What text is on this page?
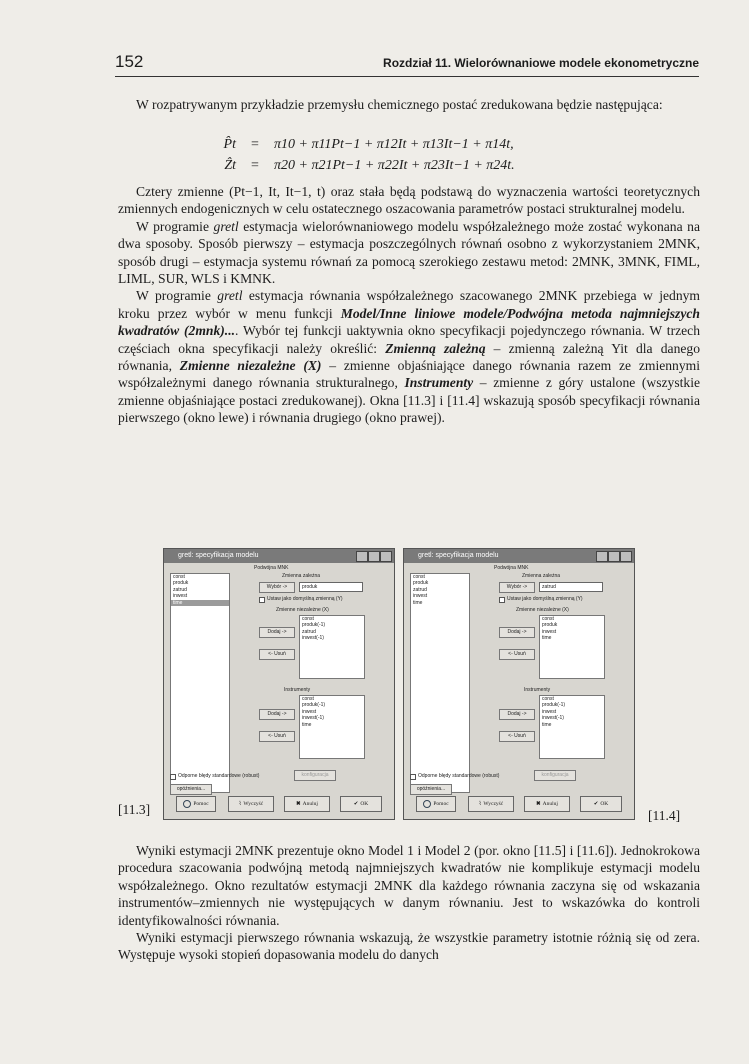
152	Rozdział 11. Wielorównaniowe modele ekonometryczne

W rozpatrywanym przykładzie przemysłu chemicznego postać zredukowana będzie następująca:

P̂t	=	π10 + π11Pt−1 + π12It + π13It−1 + π14t,
Ẑt	=	π20 + π21Pt−1 + π22It + π23It−1 + π24t.

Cztery zmienne (Pt−1, It, It−1, t) oraz stała będą podstawą do wyznaczenia wartości teoretycznych zmiennych endogenicznych w celu ostatecznego oszacowania parametrów postaci strukturalnej modelu.

W programie gretl estymacja wielorównaniowego modelu współzależnego może zostać wykonana na dwa sposoby. Sposób pierwszy – estymacja poszczególnych równań osobno z wykorzystaniem 2MNK, sposób drugi – estymacja systemu równań za pomocą szerokiego zestawu metod: 2MNK, 3MNK, FIML, LIML, SUR, WLS i KMNK.

W programie gretl estymacja równania współzależnego szacowanego 2MNK przebiega w jednym kroku przez wybór w menu funkcji Model/Inne liniowe modele/Podwójna metoda najmniejszych kwadratów (2mnk).... Wybór tej funkcji uaktywnia okno specyfikacji pojedynczego równania. W trzech częściach okna specyfikacji należy określić: Zmienną zależną – zmienną zależną Yit dla danego równania, Zmienne niezależne (X) – zmienne objaśniające danego równania razem ze zmiennymi współzależnymi danego równania strukturalnego, Instrumenty – zmienne z góry ustalone (wszystkie zmienne objaśniające postaci zredukowanej). Okna [11.3] i [11.4] wskazują sposób specyfikacji równania pierwszego (okno lewe) i równania drugiego (okno prawej).

gretl: specyfikacja modelu
Podwójna MNK
const
produk
zatrud
inwest
time
Zmienna zależna
Wybór ->	produk
Ustaw jako domyślną zmienną (Y)
Zmienne niezależne (X)
Dodaj ->
<- Usuń
const
produk(-1)
zatrud
inwest(-1)
Instrumenty
Dodaj ->
<- Usuń
const
produk(-1)
inwest
inwest(-1)
time
Odporne błędy standardowe (robust)	konfiguracja
opóźnienia...
Pomoc	⌇ Wyczyść	✖ Anuluj	✔ OK
gretl: specyfikacja modelu
Podwójna MNK
const
produk
zatrud
inwest
time
Zmienna zależna
Wybór ->	zatrud
Ustaw jako domyślną zmienną (Y)
Zmienne niezależne (X)
Dodaj ->
<- Usuń
const
produk
inwest
time
Instrumenty
Dodaj ->
<- Usuń
const
produk(-1)
inwest
inwest(-1)
time
Odporne błędy standardowe (robust)	konfiguracja
opóźnienia...
Pomoc	⌇ Wyczyść	✖ Anuluj	✔ OK
[11.3]	[11.4]

Wyniki estymacji 2MNK prezentuje okno Model 1 i Model 2 (por. okno [11.5] i [11.6]). Jednokrokowa procedura szacowania podwójną metodą najmniejszych kwadratów nie komplikuje estymacji modelu współzależnego. Okno rezultatów estymacji 2MNK dla każdego równania zaczyna się od wskazania instrumentów–zmiennych nie występujących w danym równaniu. Jest to wskazówka do kontroli identyfikowalności równania.

Wyniki estymacji pierwszego równania wskazują, że wszystkie parametry istotnie różnią się od zera. Występuje wysoki stopień dopasowania modelu do danych
